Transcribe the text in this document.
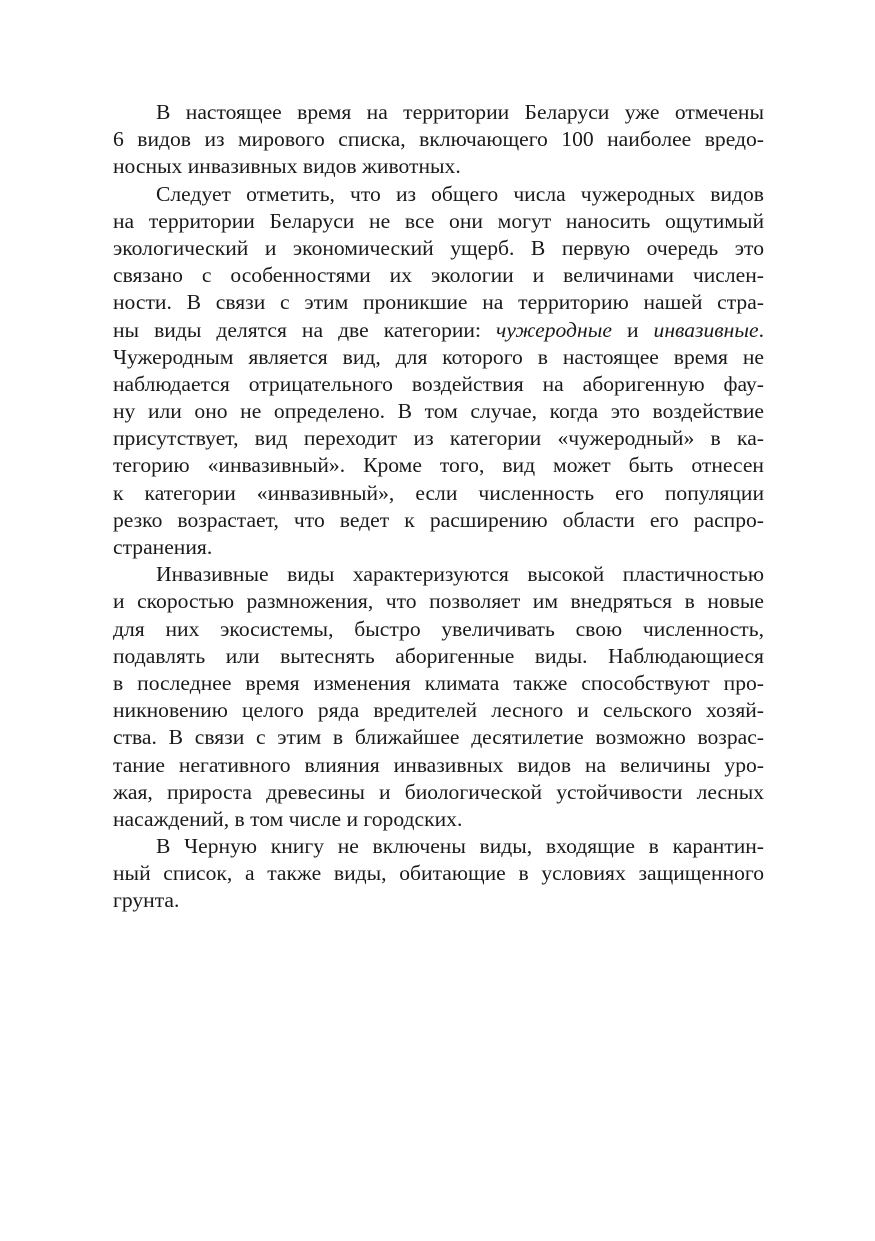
В настоящее время на территории Беларуси уже отмечены
6 видов из мирового списка, включающего 100 наиболее вредо-
носных инвазивных видов животных.
Следует отметить, что из общего числа чужеродных видов
на территории Беларуси не все они могут наносить ощутимый
экологический и экономический ущерб. В первую очередь это
связано с особенностями их экологии и величинами числен-
ности. В связи с этим проникшие на территорию нашей стра-
ны виды делятся на две категории: чужеродные и инвазивные.
Чужеродным является вид, для которого в настоящее время не
наблюдается отрицательного воздействия на аборигенную фау-
ну или оно не определено. В том случае, когда это воздействие
присутствует, вид переходит из категории «чужеродный» в ка-
тегорию «инвазивный». Кроме того, вид может быть отнесен
к категории «инвазивный», если численность его популяции
резко возрастает, что ведет к расширению области его распро-
странения.
Инвазивные виды характеризуются высокой пластичностью
и скоростью размножения, что позволяет им внедряться в новые
для них экосистемы, быстро увеличивать свою численность,
подавлять или вытеснять аборигенные виды. Наблюдающиеся
в последнее время изменения климата также способствуют про-
никновению целого ряда вредителей лесного и сельского хозяй-
ства. В связи с этим в ближайшее десятилетие возможно возрас-
тание негативного влияния инвазивных видов на величины уро-
жая, прироста древесины и биологической устойчивости лесных
насаждений, в том числе и городских.
В Черную книгу не включены виды, входящие в карантин-
ный список, а также виды, обитающие в условиях защищенного
грунта.
